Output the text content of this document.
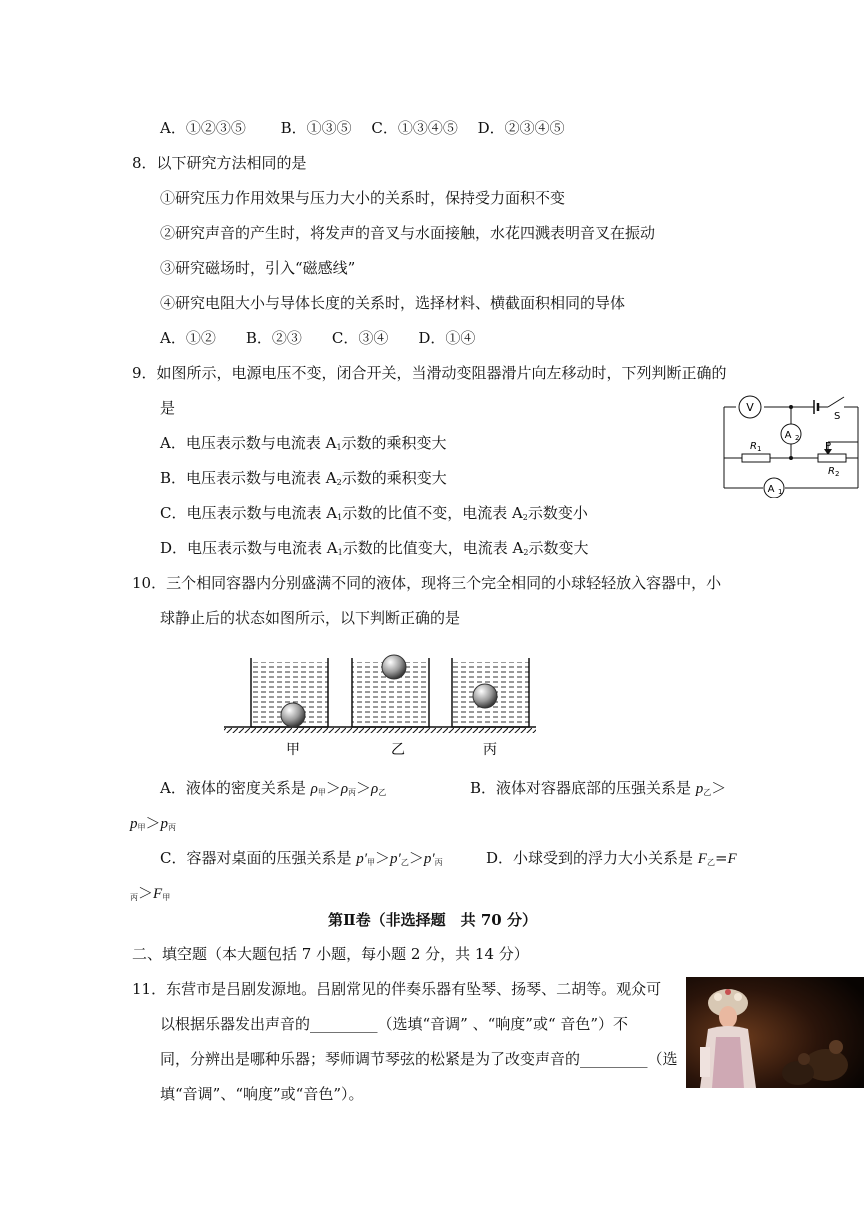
A．①②③⑤　　 B．①③⑤　 C．①③④⑤　 D．②③④⑤
8．以下研究方法相同的是
①研究压力作用效果与压力大小的关系时，保持受力面积不变
②研究声音的产生时，将发声的音叉与水面接触，水花四溅表明音叉在振动
③研究磁场时，引入“磁感线”
④研究电阻大小与导体长度的关系时，选择材料、横截面积相同的导体
A．①②　　B．②③　　C．③④　　D．①④
9．如图所示，电源电压不变，闭合开关，当滑动变阻器滑片向左移动时，下列判断正确的
是
A．电压表示数与电流表 $A_1$示数的乘积变大
B．电压表示数与电流表 $A_2$示数的乘积变大
C．电压表示数与电流表 $A_1$示数的比值不变，电流表 $A_2$示数变小
D．电压表示数与电流表 $A_1$示数的比值变大，电流表 $A_2$示数变大
V
A 2
A 1
R 1
R 2
P
S
10．三个相同容器内分别盛满不同的液体，现将三个完全相同的小球轻轻放入容器中，小
球静止后的状态如图所示，以下判断正确的是
甲	乙	丙
A．液体的密度关系是 $\rho_甲>\rho_丙>\rho_乙$	B．液体对容器底部的压强关系是 $p_乙>$
$p_甲>p_丙$
C．容器对桌面的压强关系是 $p'_甲>p'_乙>p'_丙$	D．小球受到的浮力大小关系是 $F_乙=F$
$_丙>F_甲$
第Ⅱ卷（非选择题　共 70 分）
二、填空题（本大题包括 7 小题，每小题 2 分，共 14 分）
11．东营市是吕剧发源地。吕剧常见的伴奏乐器有坠琴、扬琴、二胡等。观众可
以根据乐器发出声音的_________（选填“音调” 、“响度”或“ 音色”）不
同，分辨出是哪种乐器；琴师调节琴弦的松紧是为了改变声音的_________（选
填“音调”、“响度”或“音色”）。
